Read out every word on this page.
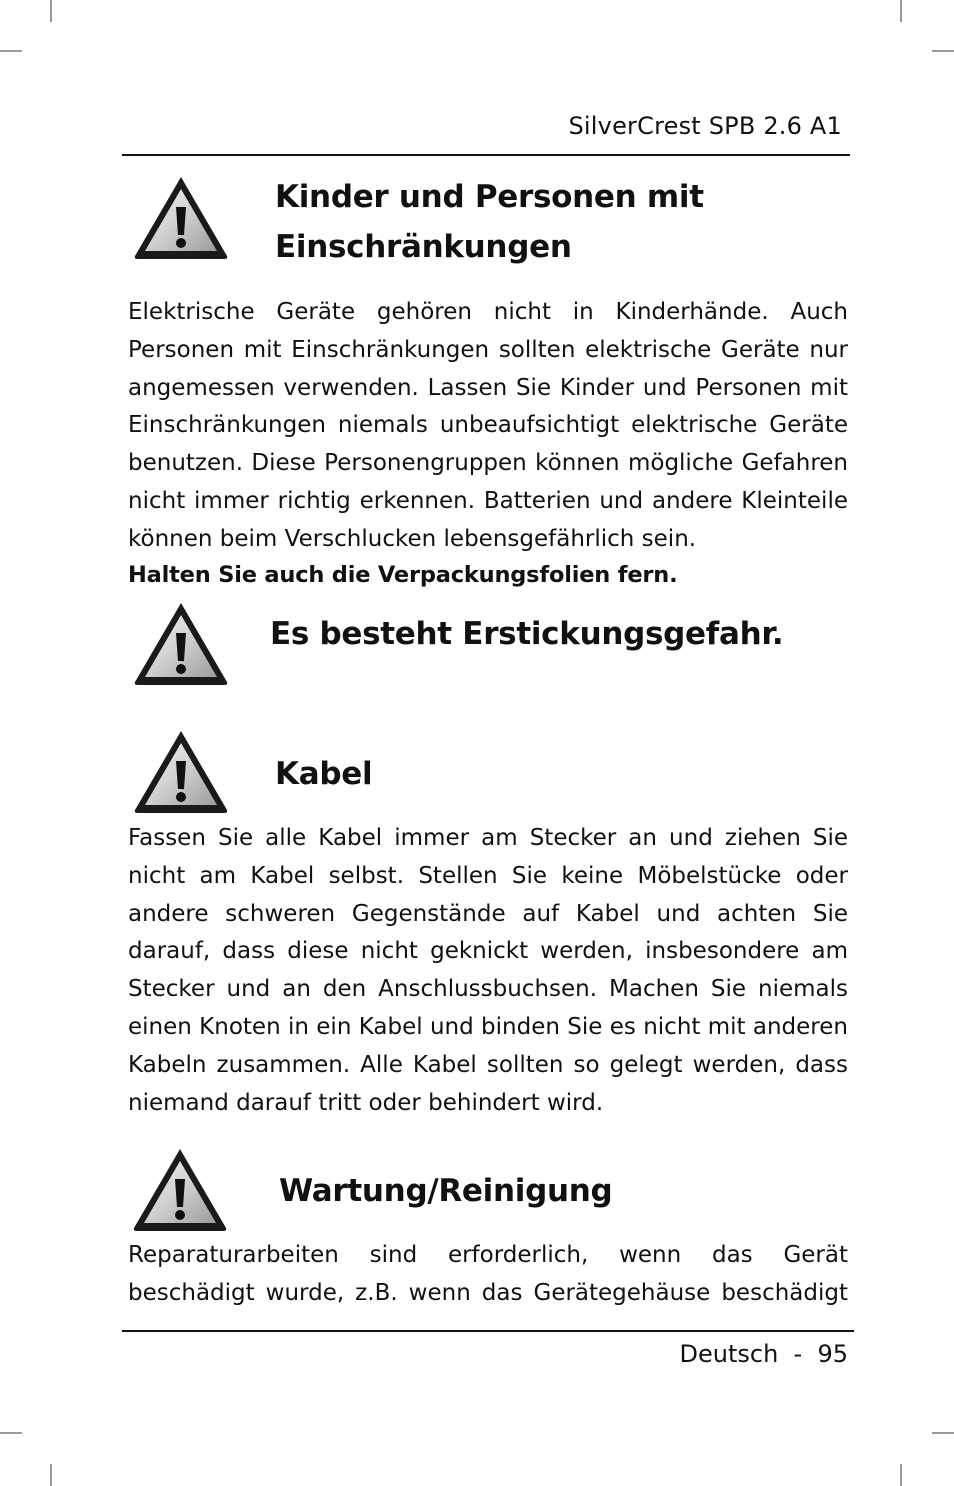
SilverCrest SPB 2.6 A1
Kinder und Personen mit Einschränkungen

Elektrische Geräte gehören nicht in Kinderhände. Auch Personen mit Einschränkungen sollten elektrische Geräte nur angemessen verwenden. Lassen Sie Kinder und Personen mit Einschränkungen niemals unbeaufsichtigt elektrische Geräte benutzen. Diese Personengruppen können mögliche Gefahren nicht immer richtig erkennen. Batterien und andere Kleinteile können beim Verschlucken lebensgefährlich sein.

Halten Sie auch die Verpackungsfolien fern.

Es besteht Erstickungsgefahr.
Kabel

Fassen Sie alle Kabel immer am Stecker an und ziehen Sie nicht am Kabel selbst. Stellen Sie keine Möbelstücke oder andere schweren Gegenstände auf Kabel und achten Sie darauf, dass diese nicht geknickt werden, insbesondere am Stecker und an den Anschlussbuchsen. Machen Sie niemals einen Knoten in ein Kabel und binden Sie es nicht mit anderen Kabeln zusammen. Alle Kabel sollten so gelegt werden, dass niemand darauf tritt oder behindert wird.

Wartung/Reinigung

Reparaturarbeiten sind erforderlich, wenn das Gerät beschädigt wurde, z.B. wenn das Gerätegehäuse beschädigt

Deutsch  -  95
